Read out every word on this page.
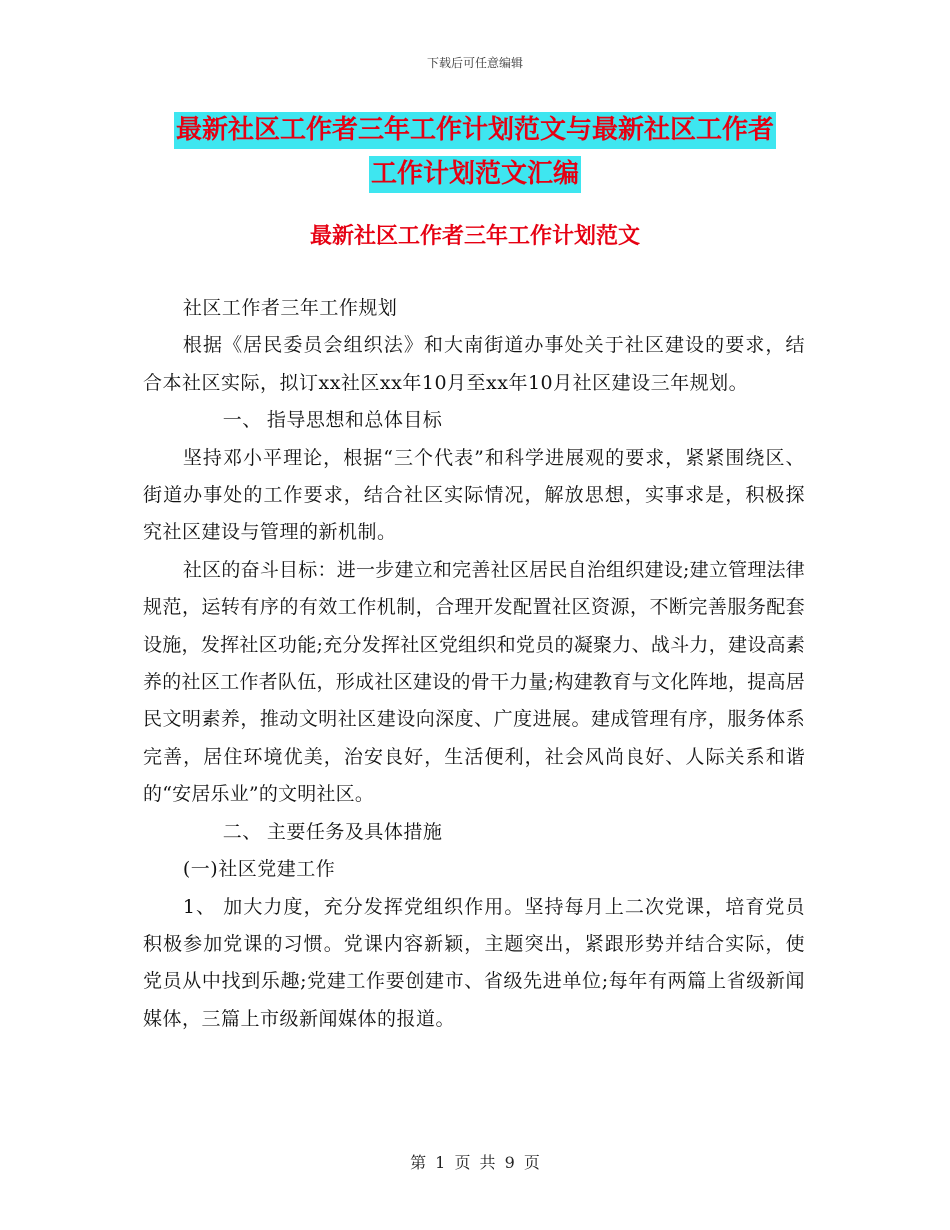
下载后可任意编辑
最新社区工作者三年工作计划范文与最新社区工作者
工作计划范文汇编
最新社区工作者三年工作计划范文

社区工作者三年工作规划

根据《居民委员会组织法》和大南街道办事处关于社区建设的要求，结合本社区实际，拟订xx社区xx年10月至xx年10月社区建设三年规划。

一、 指导思想和总体目标

坚持邓小平理论，根据“三个代表”和科学进展观的要求，紧紧围绕区、街道办事处的工作要求，结合社区实际情况，解放思想，实事求是，积极探究社区建设与管理的新机制。

社区的奋斗目标：进一步建立和完善社区居民自治组织建设;建立管理法律规范，运转有序的有效工作机制，合理开发配置社区资源，不断完善服务配套设施，发挥社区功能;充分发挥社区党组织和党员的凝聚力、战斗力，建设高素养的社区工作者队伍，形成社区建设的骨干力量;构建教育与文化阵地，提高居民文明素养，推动文明社区建设向深度、广度进展。建成管理有序，服务体系完善，居住环境优美，治安良好，生活便利，社会风尚良好、人际关系和谐的“安居乐业”的文明社区。

二、 主要任务及具体措施

(一)社区党建工作

1、 加大力度，充分发挥党组织作用。坚持每月上二次党课，培育党员积极参加党课的习惯。党课内容新颖，主题突出，紧跟形势并结合实际，使党员从中找到乐趣;党建工作要创建市、省级先进单位;每年有两篇上省级新闻媒体，三篇上市级新闻媒体的报道。

第 1 页 共 9 页
